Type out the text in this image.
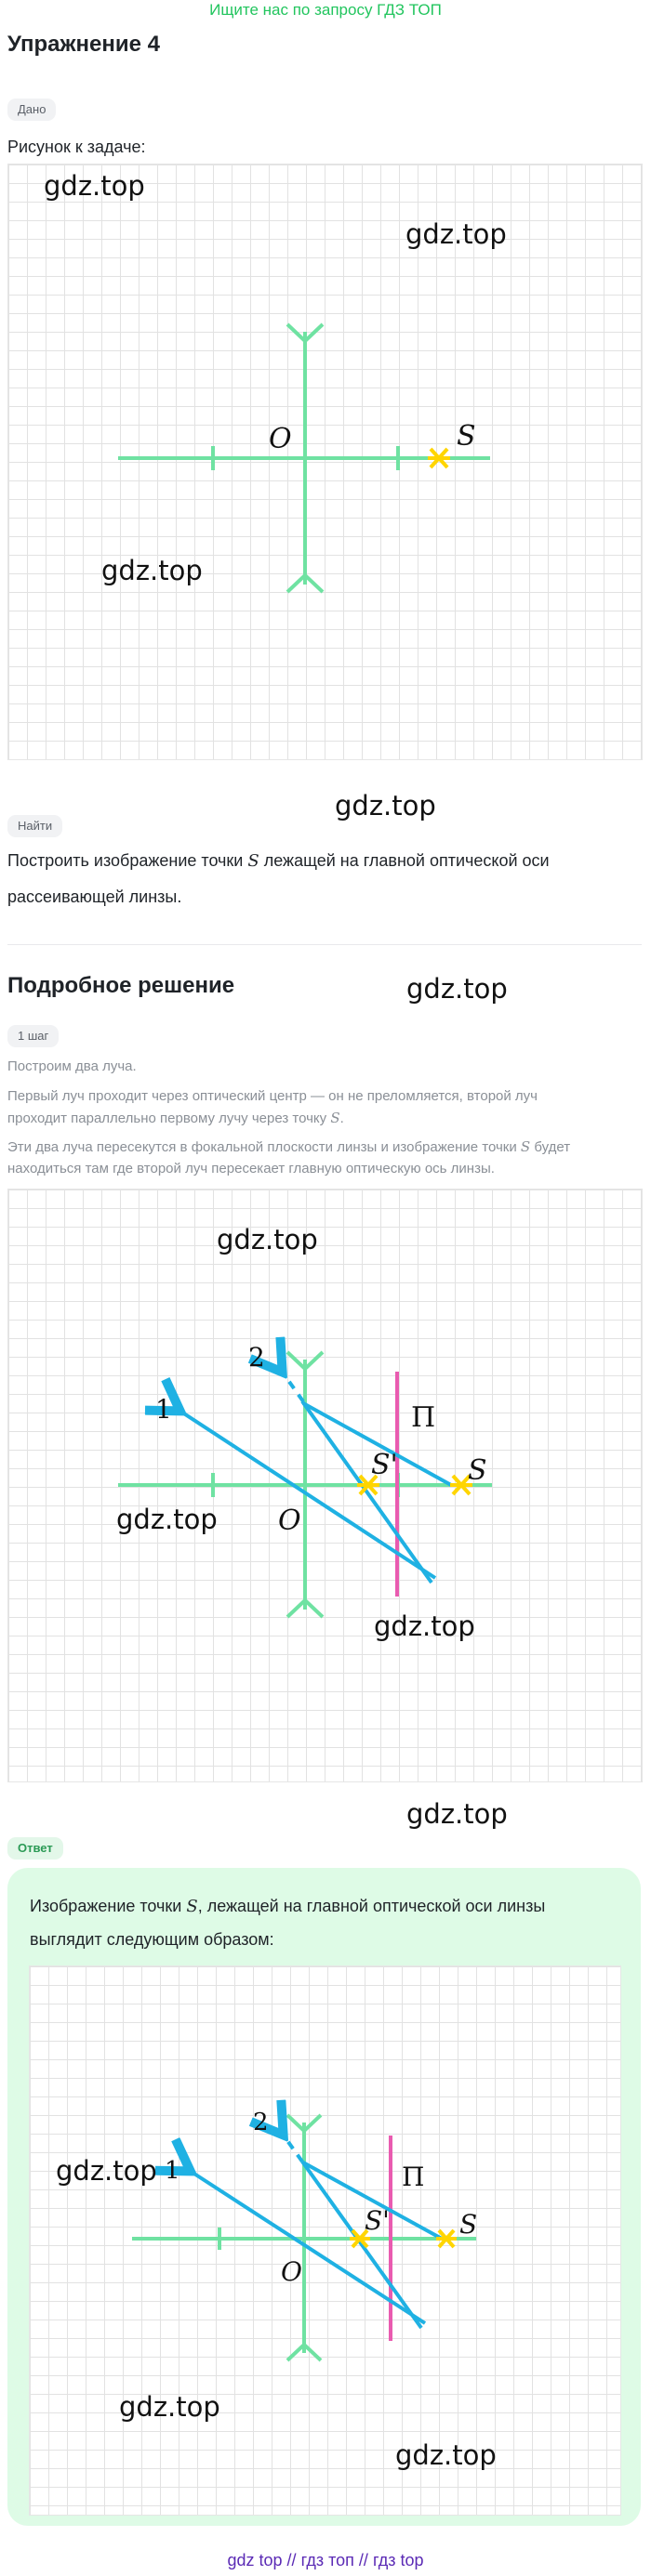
Ищите нас по запросу ГДЗ ТОП
Упражнение 4
Дано
Рисунок к задаче:
O	S
gdz.top
gdz.top
gdz.top
gdz.top
Найти
Построить изображение точки S лежащей на главной оптической оси
рассеивающей линзы.
Подробное решение	gdz.top
1 шаг
Построим два луча.
Первый луч проходит через оптический центр — он не преломляется, второй луч
проходит параллельно первому лучу через точку S.
Эти два луча пересекутся в фокальной плоскости линзы и изображение точки S будет
находиться там где второй луч пересекает главную оптическую ось линзы.
O
S
S'
П
1
2
gdz.top
gdz.top
gdz.top
gdz.top
Ответ
Изображение точки S, лежащей на главной оптической оси линзы
выглядит следующим образом:
O
S
S'
П
1
2
gdz.top
gdz.top
gdz.top
gdz top // гдз топ // гдз top
